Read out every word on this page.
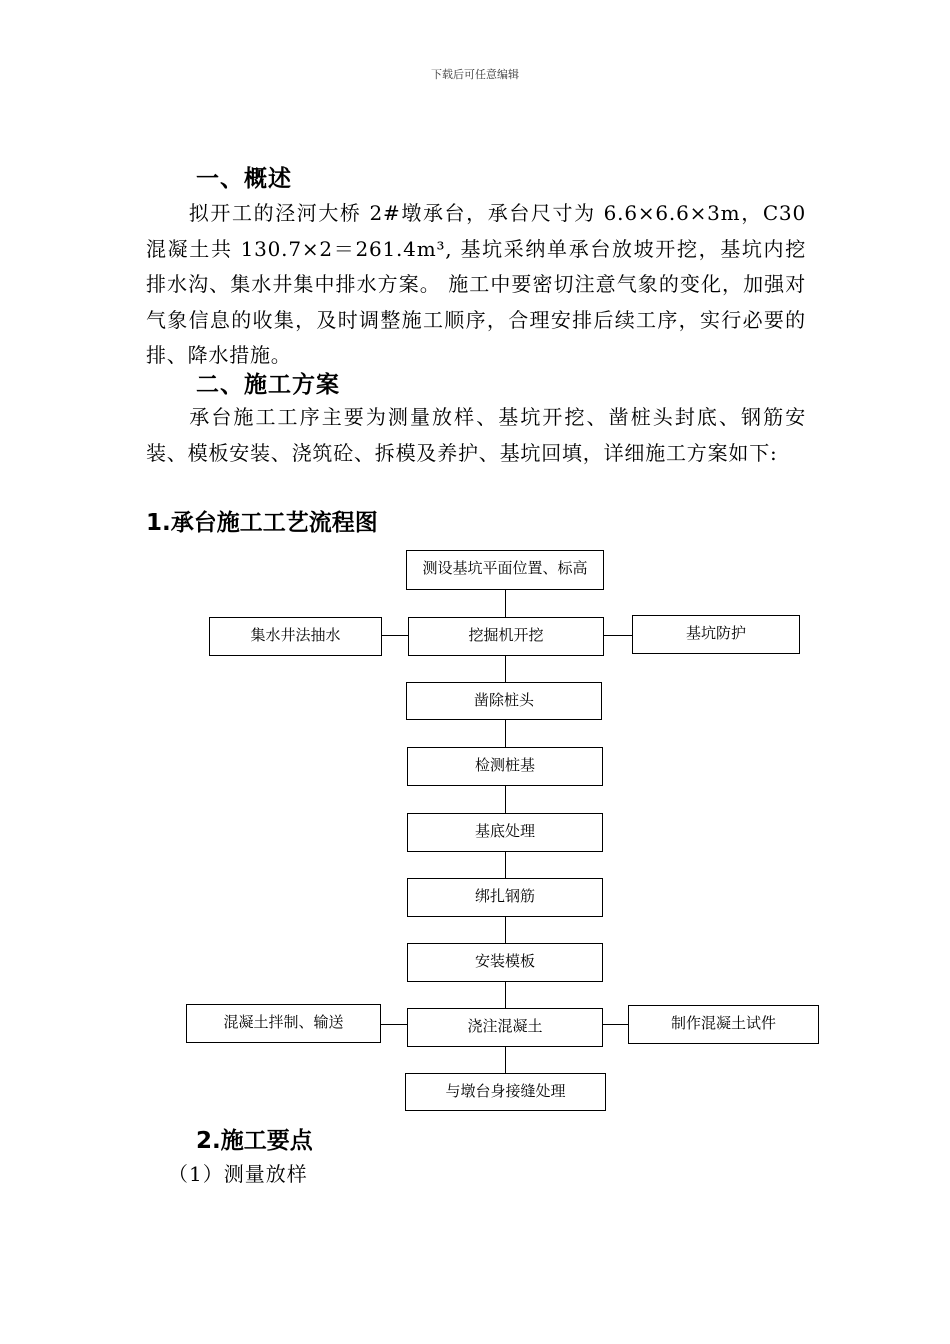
下载后可任意编辑
一、概述
拟开工的泾河大桥 2#墩承台，承台尺寸为 6.6×6.6×3m，C30 混凝土共 130.7×2＝261.4m³, 基坑采纳单承台放坡开挖，基坑内挖排水沟、集水井集中排水方案。 施工中要密切注意气象的变化，加强对气象信息的收集，及时调整施工顺序，合理安排后续工序，实行必要的排、降水措施。
二、施工方案
承台施工工序主要为测量放样、基坑开挖、凿桩头封底、钢筋安装、模板安装、浇筑砼、拆模及养护、基坑回填，详细施工方案如下:
1.承台施工工艺流程图
测设基坑平面位置、标高
挖掘机开挖
凿除桩头
检测桩基
基底处理
绑扎钢筋
安装模板
浇注混凝土
与墩台身接缝处理
集水井法抽水	基坑防护
混凝土拌制、输送	制作混凝土试件
2.施工要点
（1）测量放样
